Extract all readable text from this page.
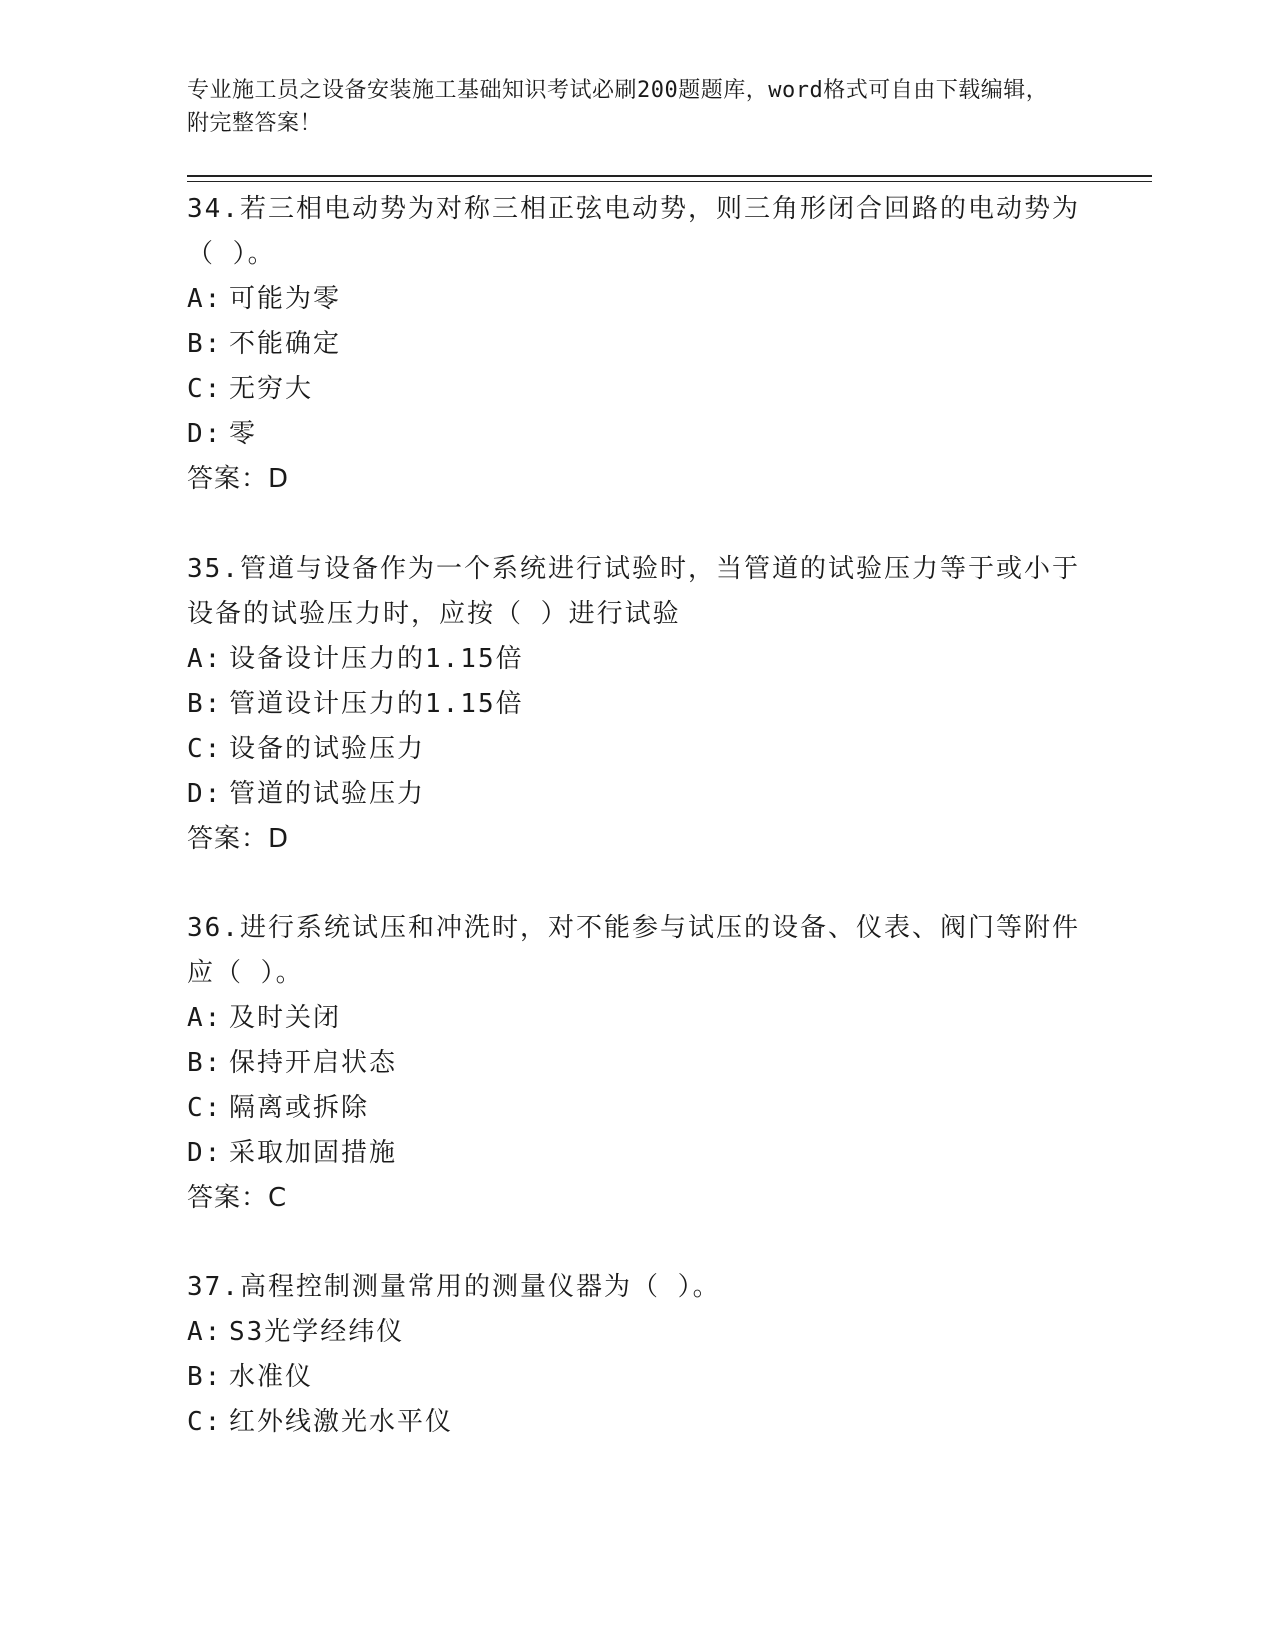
专业施工员之设备安装施工基础知识考试必刷200题题库，word格式可自由下载编辑，附完整答案！

34.若三相电动势为对称三相正弦电动势，则三角形闭合回路的电动势为（ ）。

A: 可能为零
B: 不能确定
C: 无穷大
D: 零
答案：D

35.管道与设备作为一个系统进行试验时，当管道的试验压力等于或小于设备的试验压力时，应按（ ）进行试验

A: 设备设计压力的1.15倍
B: 管道设计压力的1.15倍
C: 设备的试验压力
D: 管道的试验压力
答案：D

36.进行系统试压和冲洗时，对不能参与试压的设备、仪表、阀门等附件应（ ）。

A: 及时关闭
B: 保持开启状态
C: 隔离或拆除
D: 采取加固措施
答案：C

37.高程控制测量常用的测量仪器为（ ）。

A: S3光学经纬仪
B: 水准仪
C: 红外线激光水平仪
